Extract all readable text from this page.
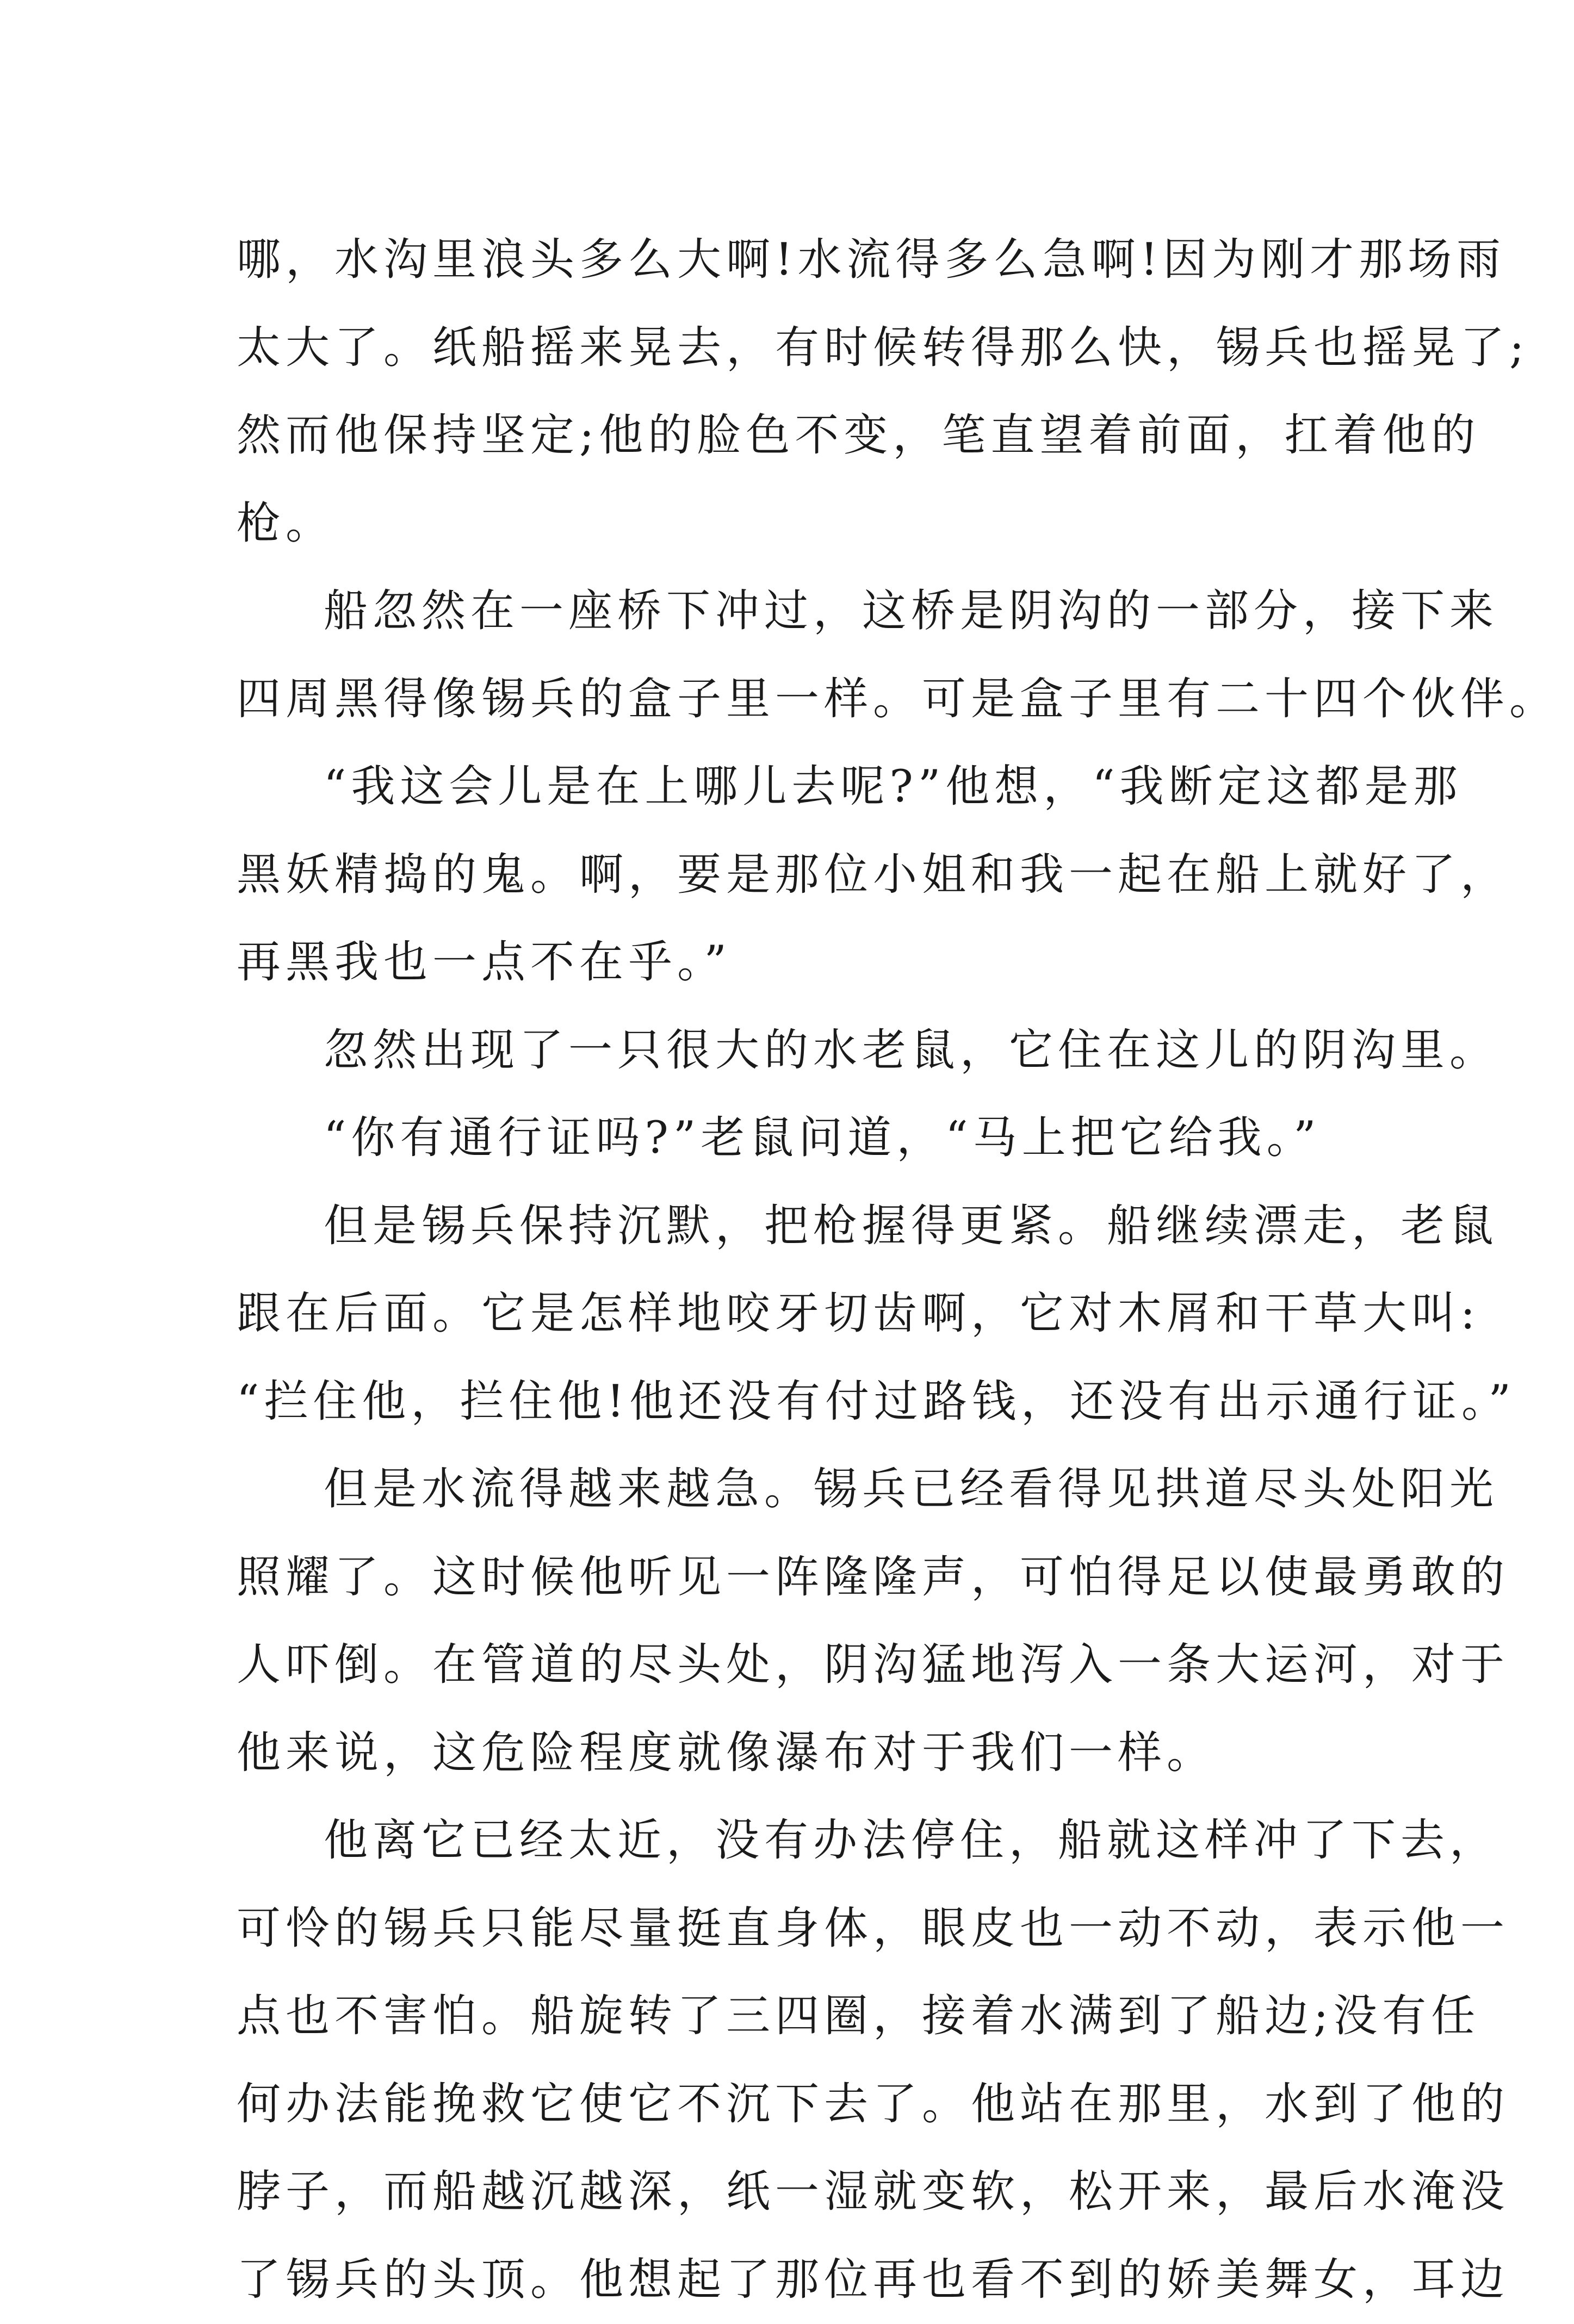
哪，水沟里浪头多么大啊!水流得多么急啊!因为刚才那场雨
太大了。纸船摇来晃去，有时候转得那么快，锡兵也摇晃了;
然而他保持坚定;他的脸色不变，笔直望着前面，扛着他的
枪。
船忽然在一座桥下冲过，这桥是阴沟的一部分，接下来
四周黑得像锡兵的盒子里一样。可是盒子里有二十四个伙伴。
“我这会儿是在上哪儿去呢?”他想，“我断定这都是那
黑妖精捣的鬼。啊，要是那位小姐和我一起在船上就好了，
再黑我也一点不在乎。”
忽然出现了一只很大的水老鼠，它住在这儿的阴沟里。
“你有通行证吗?”老鼠问道，“马上把它给我。”
但是锡兵保持沉默，把枪握得更紧。船继续漂走，老鼠
跟在后面。它是怎样地咬牙切齿啊，它对木屑和干草大叫:
“拦住他，拦住他!他还没有付过路钱，还没有出示通行证。”
但是水流得越来越急。锡兵已经看得见拱道尽头处阳光
照耀了。这时候他听见一阵隆隆声，可怕得足以使最勇敢的
人吓倒。在管道的尽头处，阴沟猛地泻入一条大运河，对于
他来说，这危险程度就像瀑布对于我们一样。
他离它已经太近，没有办法停住，船就这样冲了下去，
可怜的锡兵只能尽量挺直身体，眼皮也一动不动，表示他一
点也不害怕。船旋转了三四圈，接着水满到了船边;没有任
何办法能挽救它使它不沉下去了。他站在那里，水到了他的
脖子，而船越沉越深，纸一湿就变软，松开来，最后水淹没
了锡兵的头顶。他想起了那位再也看不到的娇美舞女，耳边
